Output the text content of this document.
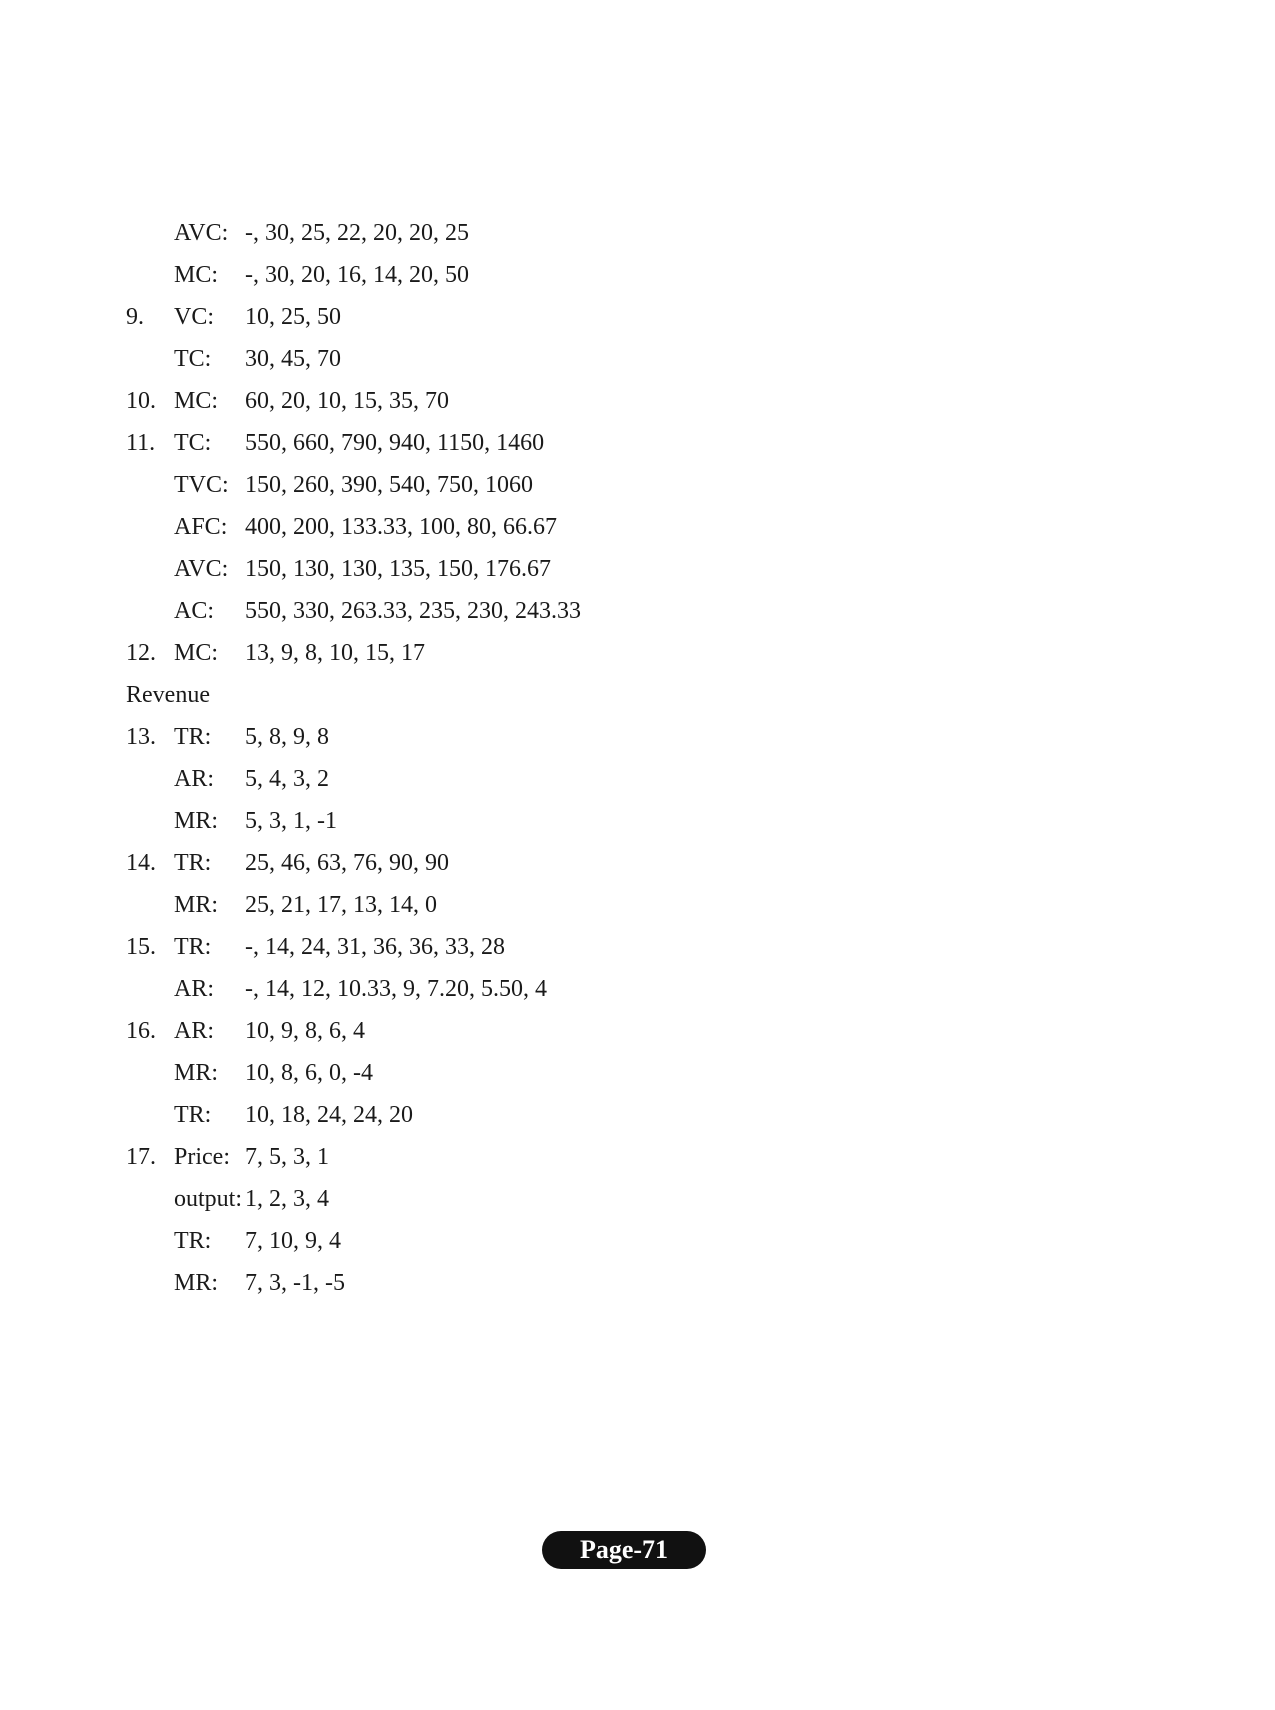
AVC: -, 30, 25, 22, 20, 20, 25
MC: -, 30, 20, 16, 14, 20, 50
9. VC: 10, 25, 50
TC: 30, 45, 70
10. MC: 60, 20, 10, 15, 35, 70
11. TC: 550, 660, 790, 940, 1150, 1460
TVC: 150, 260, 390, 540, 750, 1060
AFC: 400, 200, 133.33, 100, 80, 66.67
AVC: 150, 130, 130, 135, 150, 176.67
AC: 550, 330, 263.33, 235, 230, 243.33
12. MC: 13, 9, 8, 10, 15, 17
Revenue
13. TR: 5, 8, 9, 8
AR: 5, 4, 3, 2
MR: 5, 3, 1, -1
14. TR: 25, 46, 63, 76, 90, 90
MR: 25, 21, 17, 13, 14, 0
15. TR: -, 14, 24, 31, 36, 36, 33, 28
AR: -, 14, 12, 10.33, 9, 7.20, 5.50, 4
16. AR: 10, 9, 8, 6, 4
MR: 10, 8, 6, 0, -4
TR: 10, 18, 24, 24, 20
17. Price: 7, 5, 3, 1
output: 1, 2, 3, 4
TR: 7, 10, 9, 4
MR: 7, 3, -1, -5
Page-71
